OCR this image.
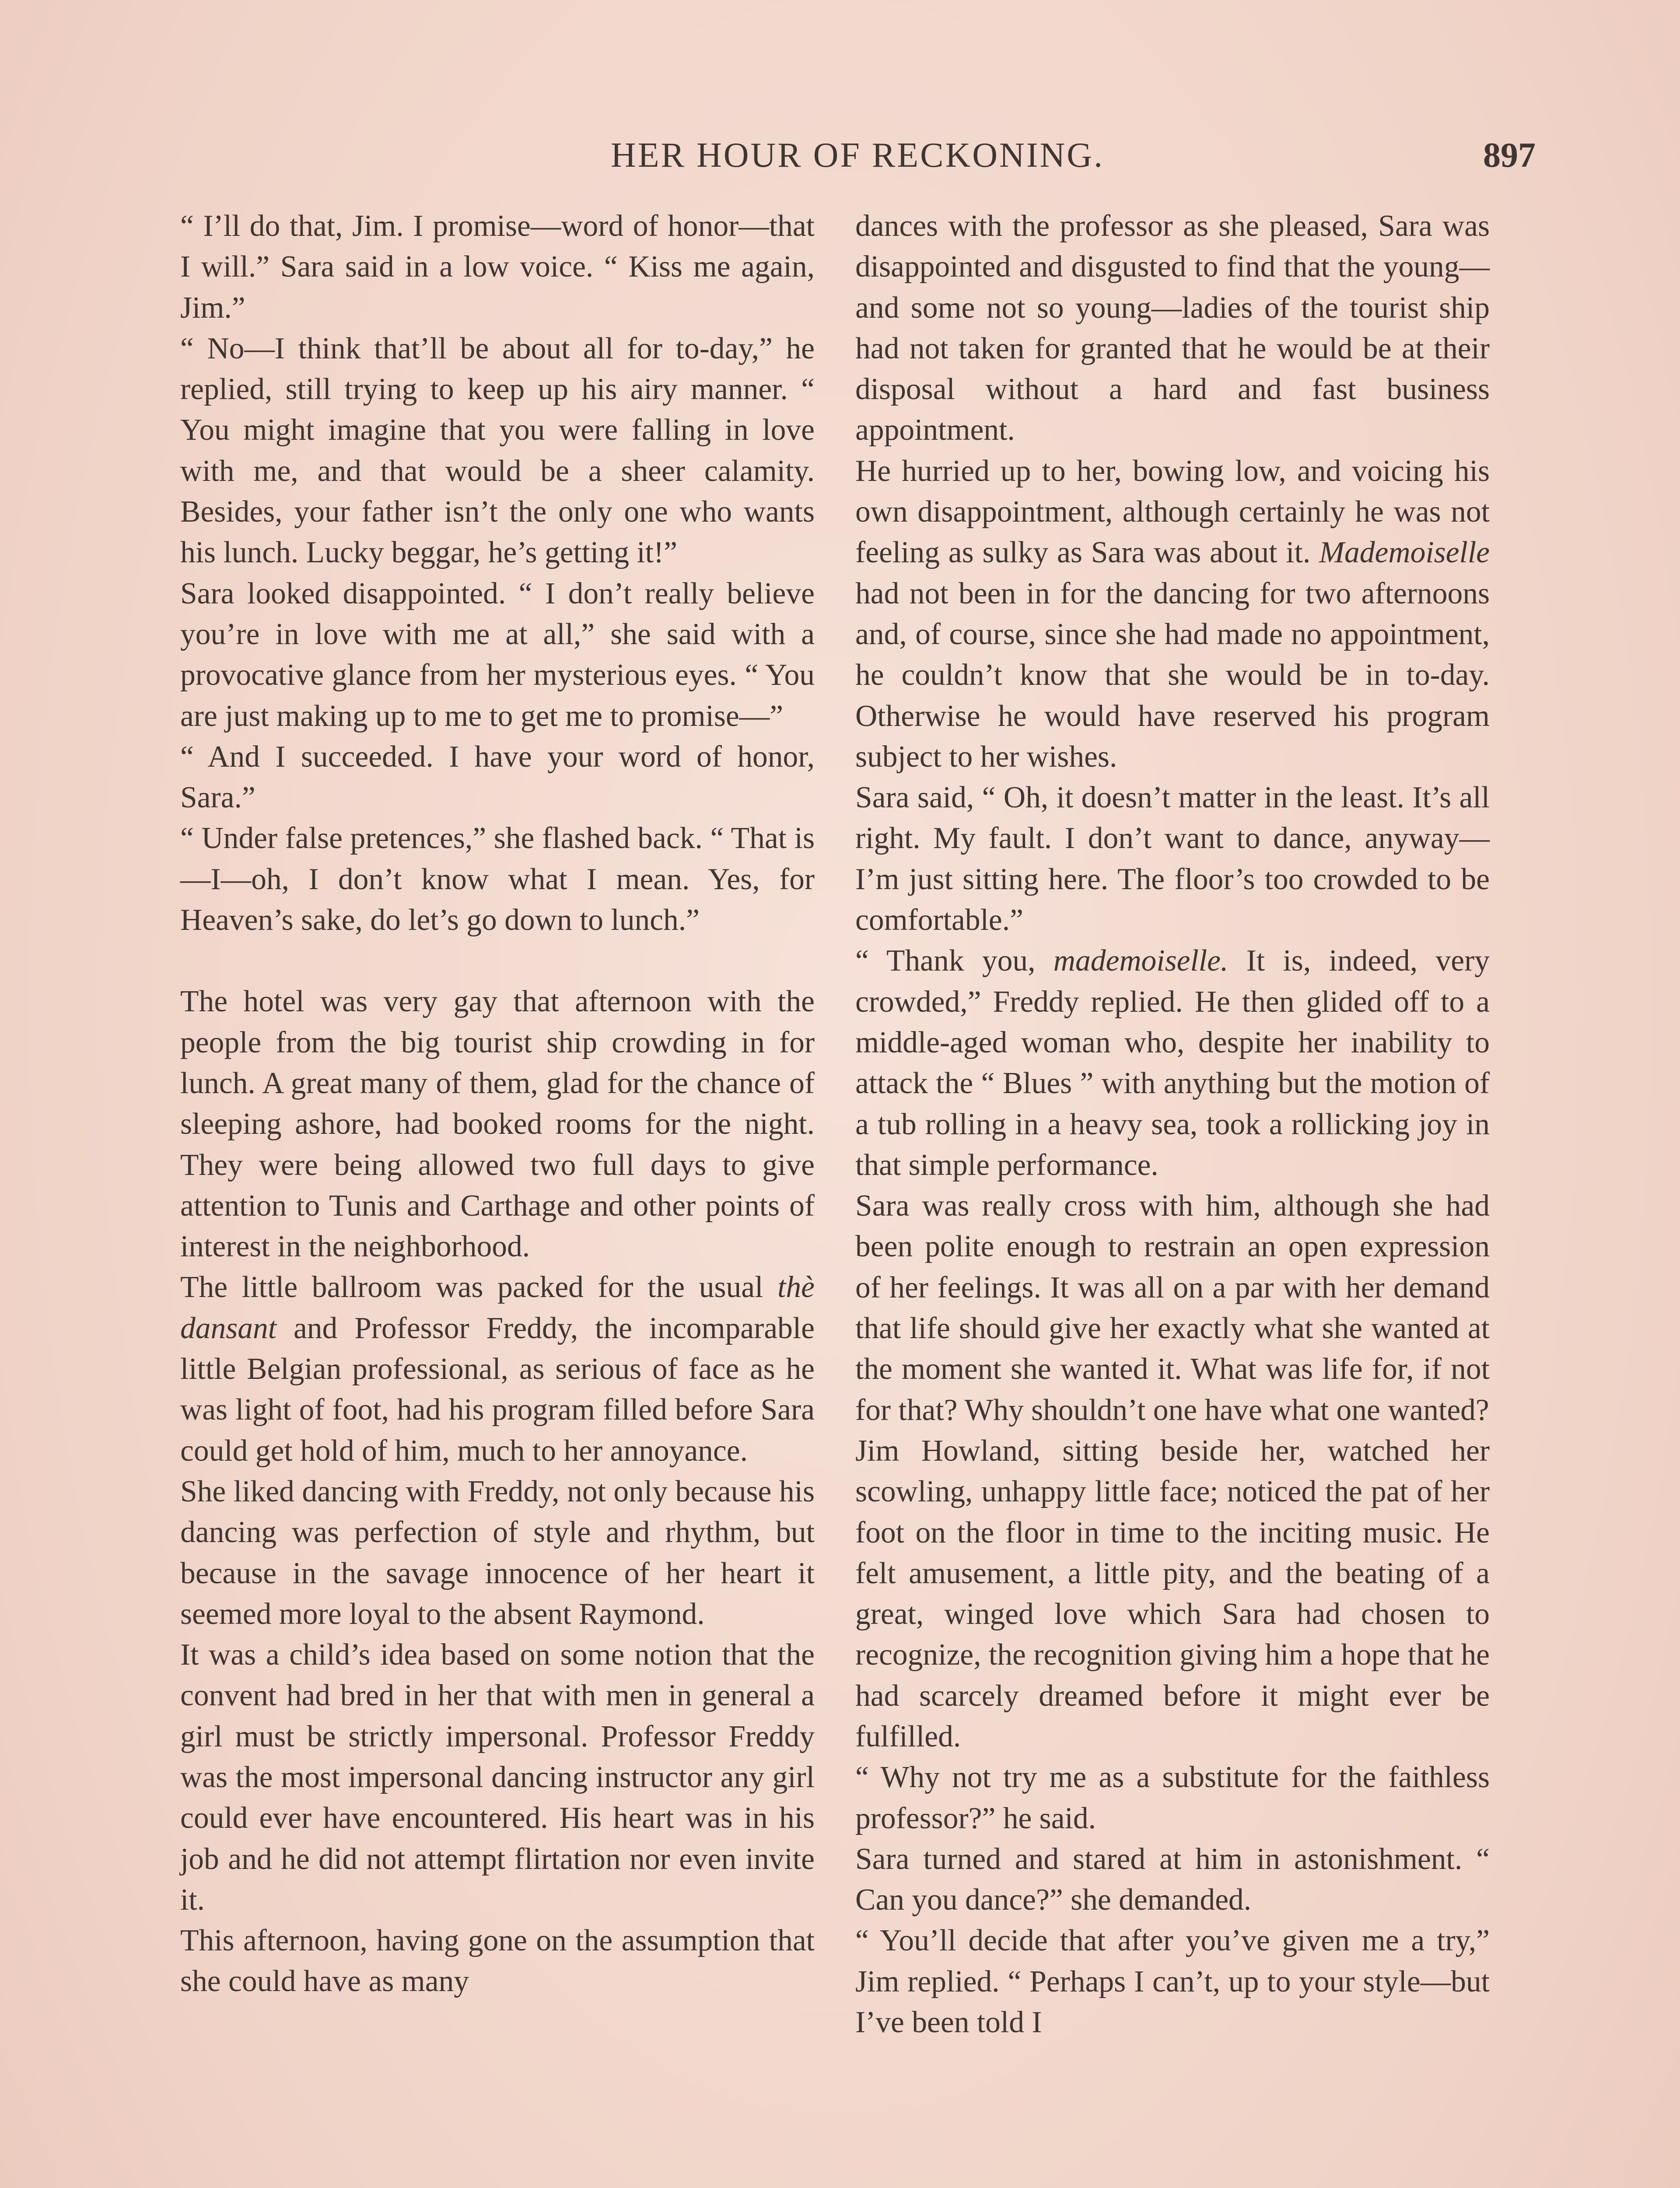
HER HOUR OF RECKONING.	897

“ I’ll do that, Jim. I promise—word of honor—that I will.” Sara said in a low voice. “ Kiss me again, Jim.”

“ No—I think that’ll be about all for to-day,” he replied, still trying to keep up his airy manner. “ You might imagine that you were falling in love with me, and that would be a sheer calamity. Besides, your father isn’t the only one who wants his lunch. Lucky beggar, he’s getting it!”

Sara looked disappointed. “ I don’t really believe you’re in love with me at all,” she said with a provocative glance from her mysterious eyes. “ You are just making up to me to get me to promise—”

“ And I succeeded. I have your word of honor, Sara.”

“ Under false pretences,” she flashed back. “ That is—I—oh, I don’t know what I mean. Yes, for Heaven’s sake, do let’s go down to lunch.”

The hotel was very gay that afternoon with the people from the big tourist ship crowding in for lunch. A great many of them, glad for the chance of sleeping ashore, had booked rooms for the night. They were being allowed two full days to give attention to Tunis and Carthage and other points of interest in the neighborhood.

The little ballroom was packed for the usual thè dansant and Professor Freddy, the incomparable little Belgian professional, as serious of face as he was light of foot, had his program filled before Sara could get hold of him, much to her annoyance.

She liked dancing with Freddy, not only because his dancing was perfection of style and rhythm, but because in the savage innocence of her heart it seemed more loyal to the absent Raymond.

It was a child’s idea based on some notion that the convent had bred in her that with men in general a girl must be strictly impersonal. Professor Freddy was the most impersonal dancing instructor any girl could ever have encountered. His heart was in his job and he did not attempt flirtation nor even invite it.

This afternoon, having gone on the assumption that she could have as many

dances with the professor as she pleased, Sara was disappointed and disgusted to find that the young—and some not so young—ladies of the tourist ship had not taken for granted that he would be at their disposal without a hard and fast business appointment.

He hurried up to her, bowing low, and voicing his own disappointment, although certainly he was not feeling as sulky as Sara was about it. Mademoiselle had not been in for the dancing for two afternoons and, of course, since she had made no appointment, he couldn’t know that she would be in to-day. Otherwise he would have reserved his program subject to her wishes.

Sara said, “ Oh, it doesn’t matter in the least. It’s all right. My fault. I don’t want to dance, anyway—I’m just sitting here. The floor’s too crowded to be comfortable.”

“ Thank you, mademoiselle. It is, indeed, very crowded,” Freddy replied. He then glided off to a middle-aged woman who, despite her inability to attack the “ Blues ” with anything but the motion of a tub rolling in a heavy sea, took a rollicking joy in that simple performance.

Sara was really cross with him, although she had been polite enough to restrain an open expression of her feelings. It was all on a par with her demand that life should give her exactly what she wanted at the moment she wanted it. What was life for, if not for that? Why shouldn’t one have what one wanted?

Jim Howland, sitting beside her, watched her scowling, unhappy little face; noticed the pat of her foot on the floor in time to the inciting music. He felt amusement, a little pity, and the beating of a great, winged love which Sara had chosen to recognize, the recognition giving him a hope that he had scarcely dreamed before it might ever be fulfilled.

“ Why not try me as a substitute for the faithless professor?” he said.

Sara turned and stared at him in astonishment. “ Can you dance?” she demanded.

“ You’ll decide that after you’ve given me a try,” Jim replied. “ Perhaps I can’t, up to your style—but I’ve been told I
